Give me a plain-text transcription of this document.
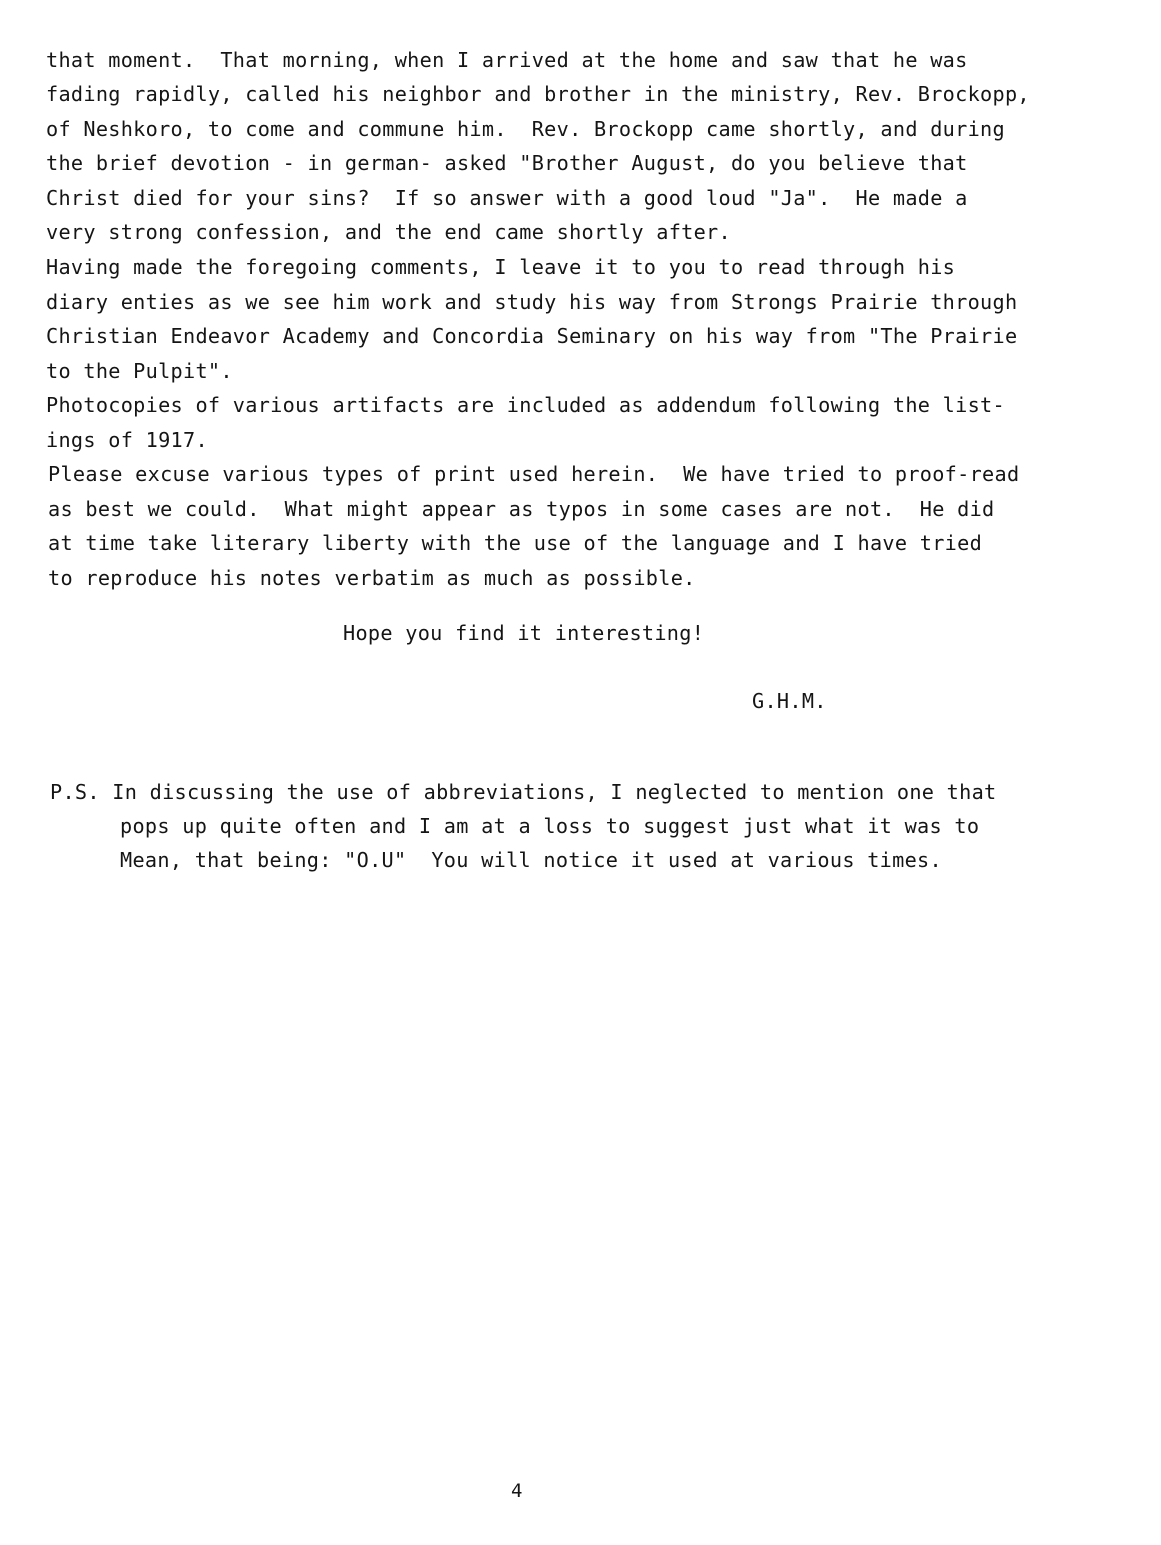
that moment.  That morning, when I arrived at the home and saw that he was
fading rapidly, called his neighbor and brother in the ministry, Rev. Brockopp,
of Neshkoro, to come and commune him.  Rev. Brockopp came shortly, and during
the brief devotion - in german- asked "Brother August, do you believe that
Christ died for your sins?  If so answer with a good loud "Ja".  He made a
very strong confession, and the end came shortly after.
Having made the foregoing comments, I leave it to you to read through his
diary enties as we see him work and study his way from Strongs Prairie through
Christian Endeavor Academy and Concordia Seminary on his way from "The Prairie
to the Pulpit".
Photocopies of various artifacts are included as addendum following the list-
ings of 1917.
Please excuse various types of print used herein.  We have tried to proof-read
as best we could.  What might appear as typos in some cases are not.  He did
at time take literary liberty with the use of the language and I have tried
to reproduce his notes verbatim as much as possible.
Hope you find it interesting!
G.H.M.
P.S. In discussing the use of abbreviations, I neglected to mention one that
pops up quite often and I am at a loss to suggest just what it was to
Mean, that being: "O.U"  You will notice it used at various times.
4
